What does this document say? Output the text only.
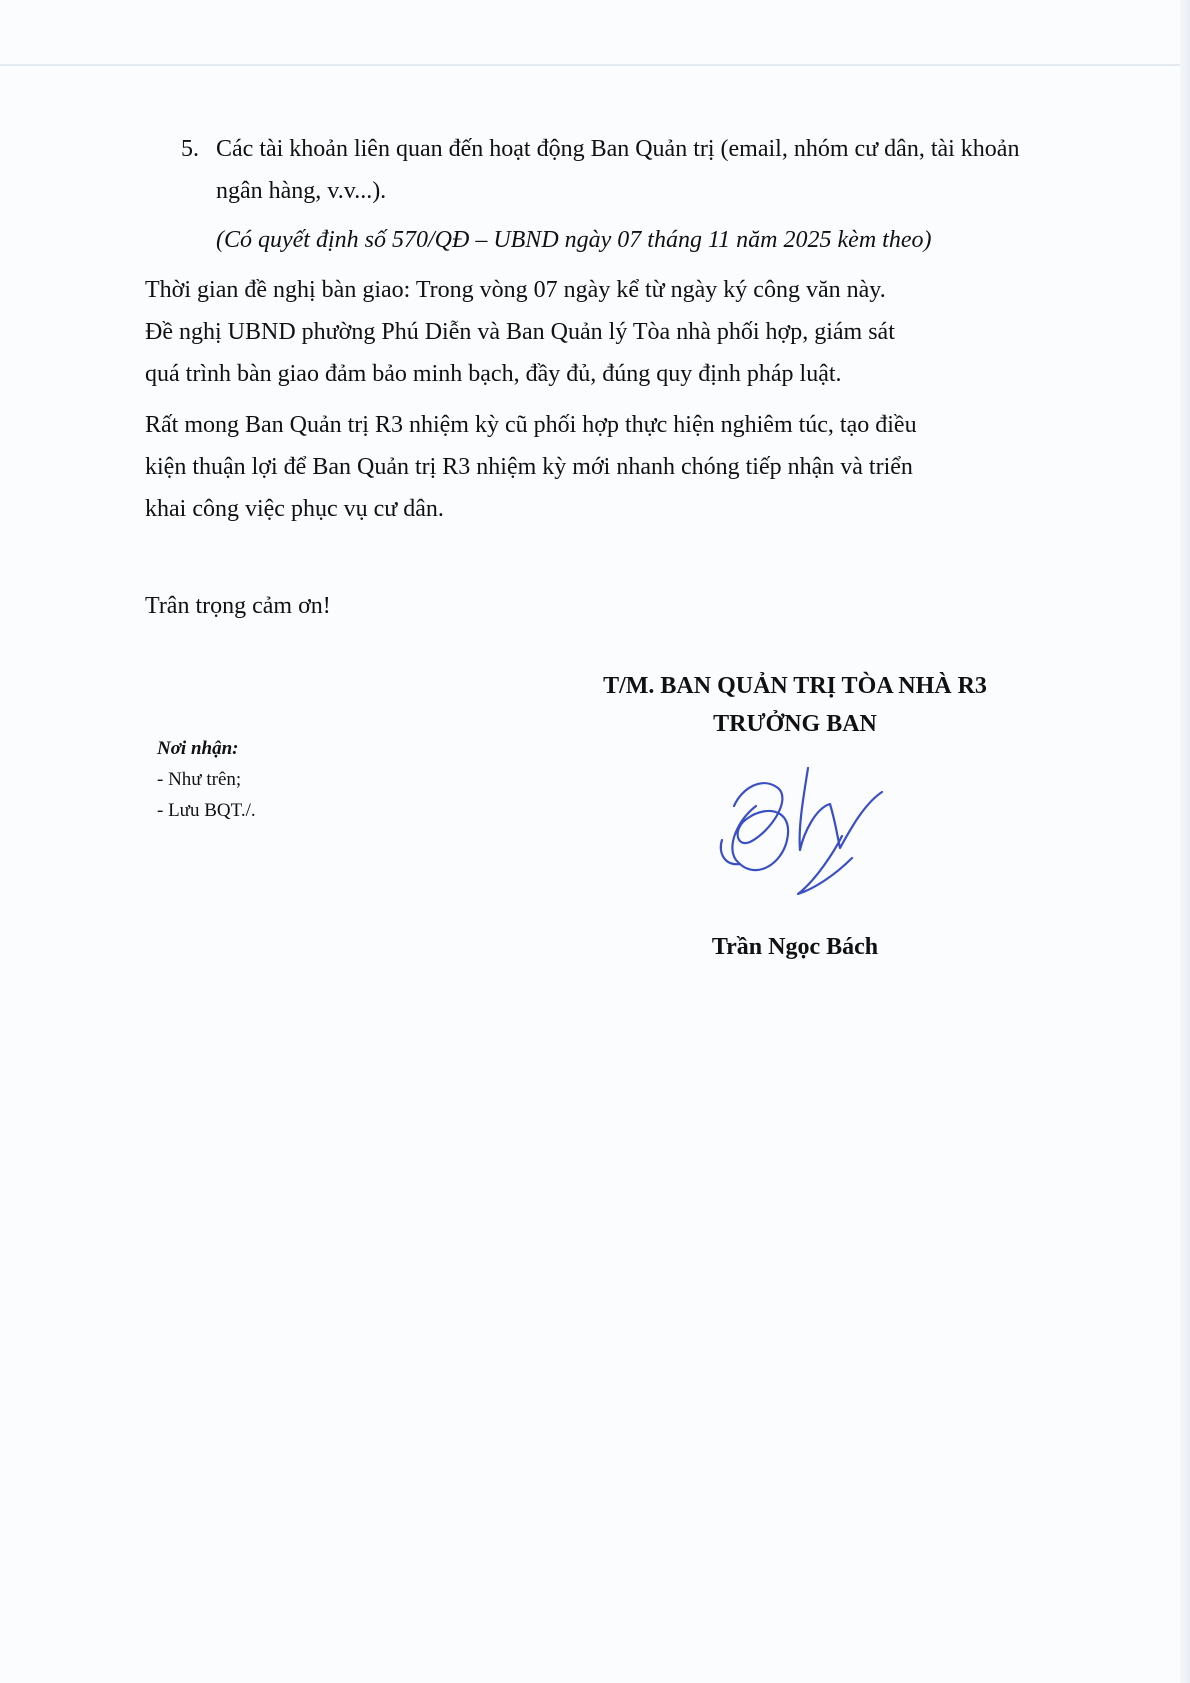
5. Các tài khoản liên quan đến hoạt động Ban Quản trị (email, nhóm cư dân, tài khoản ngân hàng, v.v...).
(Có quyết định số 570/QĐ – UBND ngày 07 tháng 11 năm 2025 kèm theo)
Thời gian đề nghị bàn giao: Trong vòng 07 ngày kể từ ngày ký công văn này.
Đề nghị UBND phường Phú Diễn và Ban Quản lý Tòa nhà phối hợp, giám sát
quá trình bàn giao đảm bảo minh bạch, đầy đủ, đúng quy định pháp luật.
Rất mong Ban Quản trị R3 nhiệm kỳ cũ phối hợp thực hiện nghiêm túc, tạo điều
kiện thuận lợi để Ban Quản trị R3 nhiệm kỳ mới nhanh chóng tiếp nhận và triển
khai công việc phục vụ cư dân.
Trân trọng cảm ơn!
T/M. BAN QUẢN TRỊ TÒA NHÀ R3
TRƯỞNG BAN
Nơi nhận:
- Như trên;
- Lưu BQT./.
Trần Ngọc Bách
